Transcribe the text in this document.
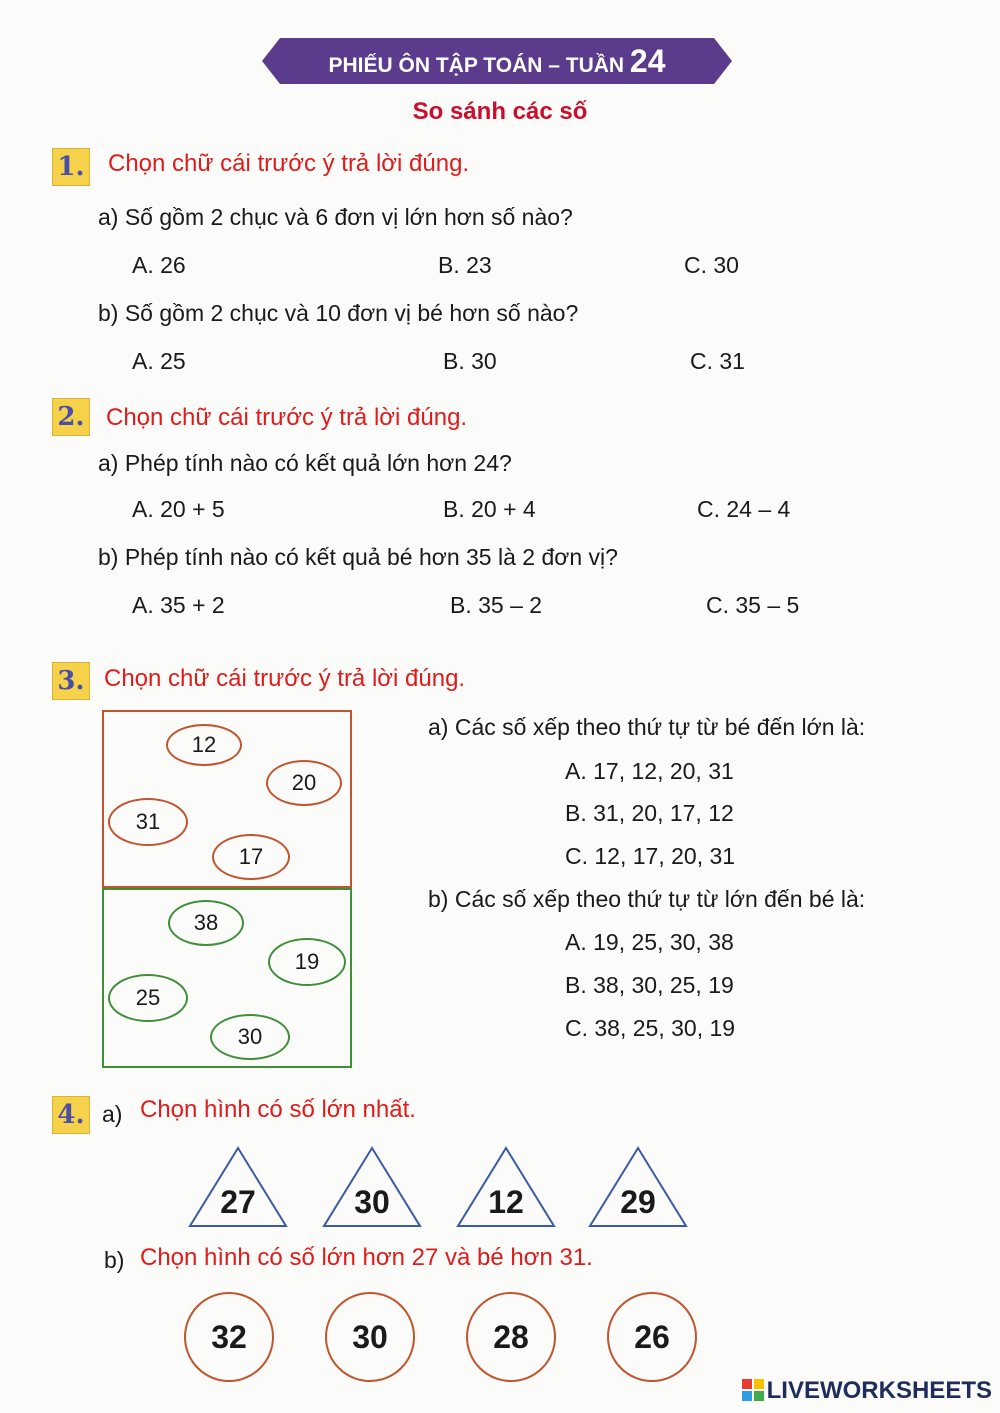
PHIẾU ÔN TẬP TOÁN – TUẦN 24
So sánh các số
1. Chọn chữ cái trước ý trả lời đúng.
a) Số gồm 2 chục và 6 đơn vị lớn hơn số nào?
A. 26	B. 23	C. 30
b) Số gồm 2 chục và 10 đơn vị bé hơn số nào?
A. 25	B. 30	C. 31
2. Chọn chữ cái trước ý trả lời đúng.
a) Phép tính nào có kết quả lớn hơn 24?
A. 20 + 5	B. 20 + 4	C. 24 – 4
b) Phép tính nào có kết quả bé hơn 35 là 2 đơn vị?
A. 35 + 2	B. 35 – 2	C. 35 – 5
3. Chọn chữ cái trước ý trả lời đúng.
12
20
31
17
38
19
25
30
a) Các số xếp theo thứ tự từ bé đến lớn là:
A. 17, 12, 20, 31
B. 31, 20, 17, 12
C. 12, 17, 20, 31
b) Các số xếp theo thứ tự từ lớn đến bé là:
A. 19, 25, 30, 38
B. 38, 30, 25, 19
C. 38, 25, 30, 19
4. a) Chọn hình có số lớn nhất.
27	30	12	29
b) Chọn hình có số lớn hơn 27 và bé hơn 31.
32	30	28	26
LIVEWORKSHEETS
